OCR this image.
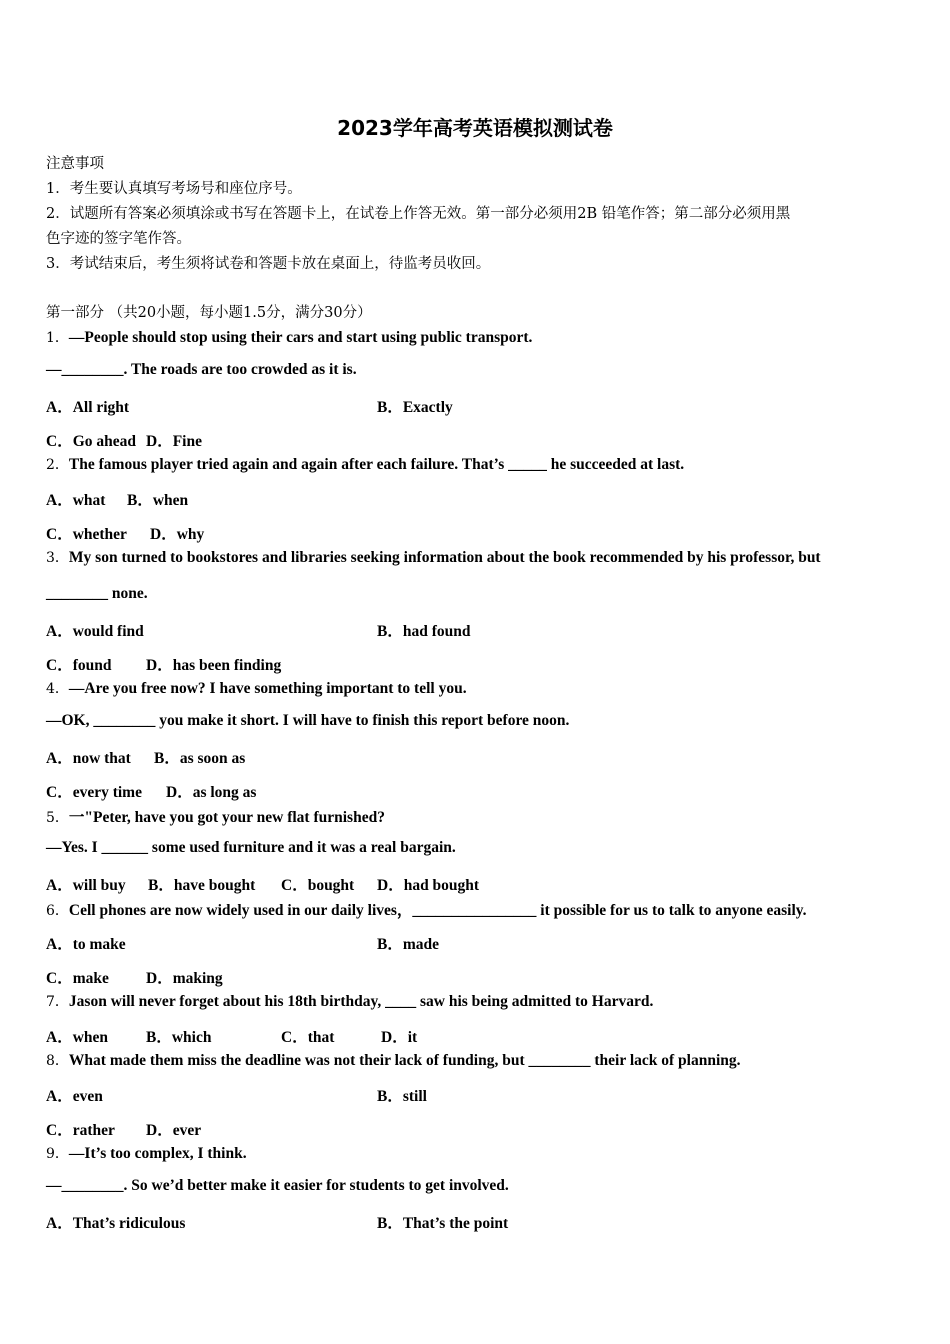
2023学年高考英语模拟测试卷
注意事项
1．考生要认真填写考场号和座位序号。
2．试题所有答案必须填涂或书写在答题卡上，在试卷上作答无效。第一部分必须用2B 铅笔作答；第二部分必须用黑
色字迹的签字笔作答。
3．考试结束后，考生须将试卷和答题卡放在桌面上，待监考员收回。
第一部分 （共20小题，每小题1.5分，满分30分）
1．—People should stop using their cars and start using public transport.
—________. The roads are too crowded as it is.
A．All right	B．Exactly
C．Go ahead D．Fine
2．The famous player tried again and again after each failure. That’s _____ he succeeded at last.
A．what B．when
C．whether D．why
3．My son turned to bookstores and libraries seeking information about the book recommended by his professor, but
________ none.
A．would find	B．had found
C．found D．has been finding
4．—Are you free now? I have something important to tell you.
—OK, ________ you make it short. I will have to finish this report before noon.
A．now that B．as soon as
C．every time D．as long as
5．一"Peter, have you got your new flat furnished?
—Yes. I ______ some used furniture and it was a real bargain.
A．will buy B．have bought C．bought D．had bought
6．Cell phones are now widely used in our daily lives，________________ it possible for us to talk to anyone easily.
A．to make	B．made
C．make D．making
7．Jason will never forget about his 18th birthday, ____ saw his being admitted to Harvard.
A．when B．which	C．that	D．it
8．What made them miss the deadline was not their lack of funding, but ________ their lack of planning.
A．even	B．still
C．rather D．ever
9．—It’s too complex, I think.
—________. So we’d better make it easier for students to get involved.
A．That’s ridiculous	B．That’s the point
